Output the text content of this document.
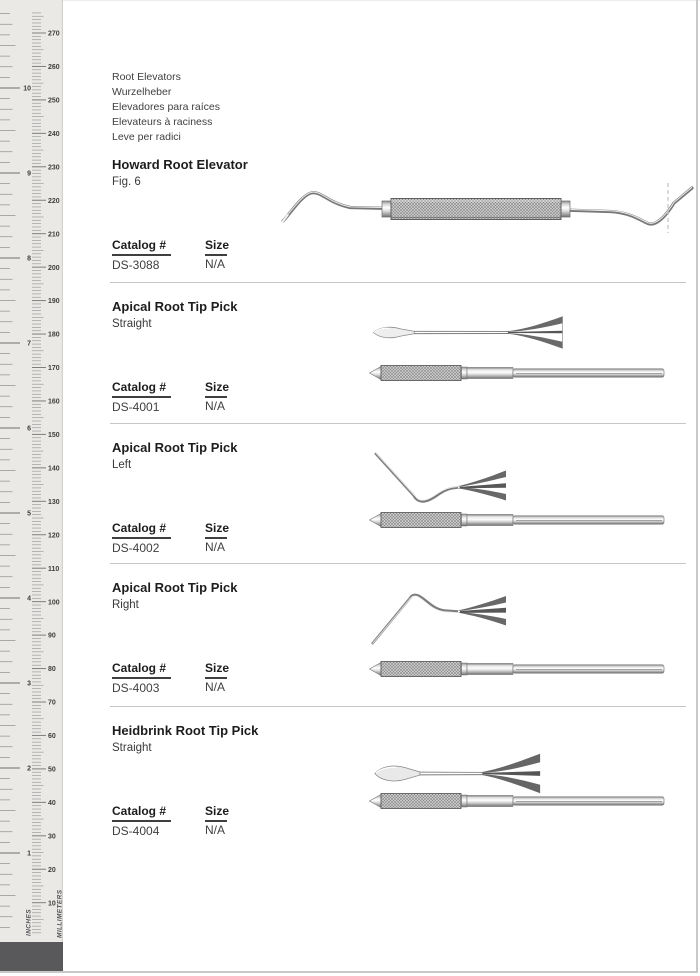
270
260
250
240
230
220
210
200
190
180
170
160
150
140
130
120
110
100
90
80
70
60
50
40
30
20
10
10
9
8
7
6
5
4
3
2
1
INCHES	MILLIMETERS
Root Elevators
Wurzelheber
Elevadores para raíces
Elevateurs à raciness
Leve per radici
Howard Root Elevator
Fig. 6
Catalog #	Size
DS-3088	N/A
Apical Root Tip Pick
Straight
Catalog #	Size
DS-4001	N/A
Apical Root Tip Pick
Left
Catalog #	Size
DS-4002	N/A
Apical Root Tip Pick
Right
Catalog #	Size
DS-4003	N/A
Heidbrink Root Tip Pick
Straight
Catalog #	Size
DS-4004	N/A
